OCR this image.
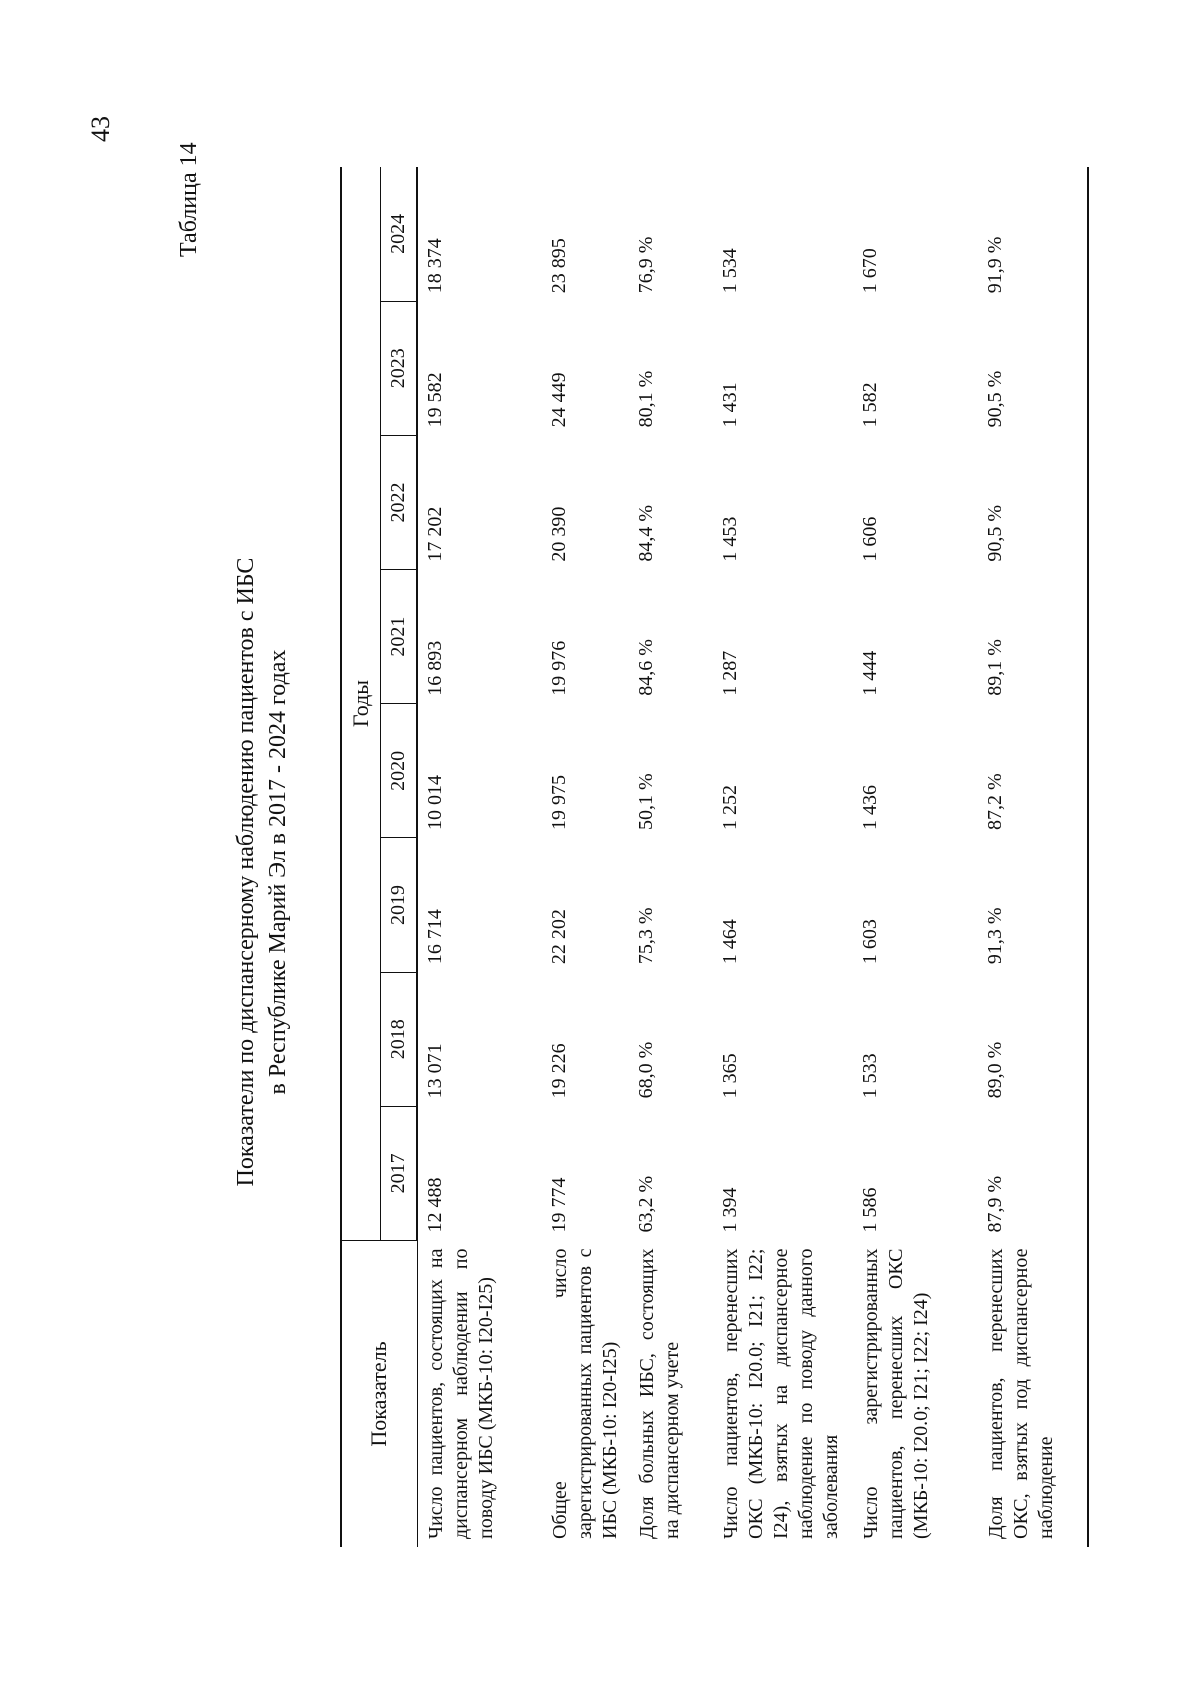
43
Таблица 14
Показатели по диспансерному наблюдению пациентов с ИБС в Республике Марий Эл в 2017 - 2024 годах
Показатель	Годы							
	2017	2018	2019	2020	2021	2022	2023	2024
Число пациентов, состоящих на диспансерном наблюдении по поводу ИБС (МКБ-10: I20-I25)	12 488	13 071	16 714	10 014	16 893	17 202	19 582	18 374
Общее число зарегистрированных пациентов с ИБС (МКБ-10: I20-I25)	19 774	19 226	22 202	19 975	19 976	20 390	24 449	23 895
Доля больных ИБС, состоящих на диспансерном учете	63,2 %	68,0 %	75,3 %	50,1 %	84,6 %	84,4 %	80,1 %	76,9 %
Число пациентов, перенесших ОКС (МКБ-10: I20.0; I21; I22; I24), взятых на диспансерное наблюдение по поводу данного заболевания	1 394	1 365	1 464	1 252	1 287	1 453	1 431	1 534
Число зарегистрированных пациентов, перенесших ОКС (МКБ-10: I20.0; I21; I22; I24)	1 586	1 533	1 603	1 436	1 444	1 606	1 582	1 670
Доля пациентов, перенесших ОКС, взятых под диспансерное наблюдение	87,9 %	89,0 %	91,3 %	87,2 %	89,1 %	90,5 %	90,5 %	91,9 %
